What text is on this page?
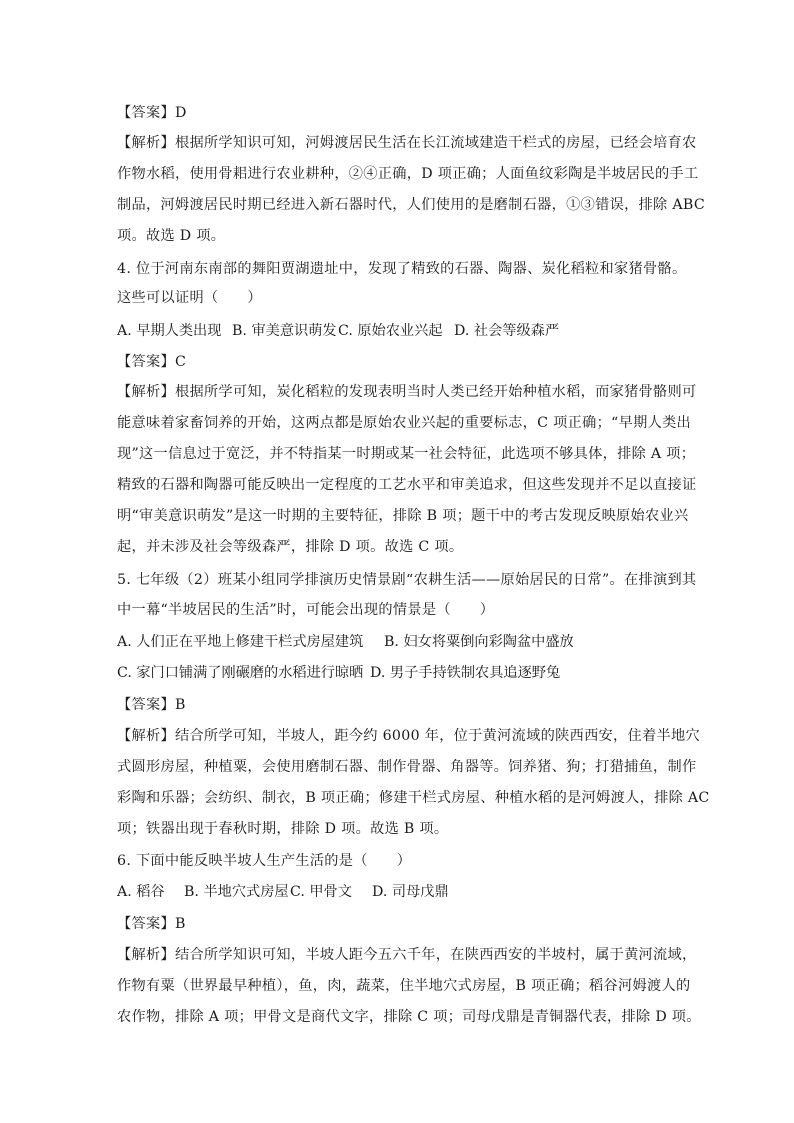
【答案】D
【解析】根据所学知识可知，河姆渡居民生活在长江流域建造干栏式的房屋，已经会培育农
作物水稻，使用骨耜进行农业耕种，②④正确，D 项正确；人面鱼纹彩陶是半坡居民的手工
制品，河姆渡居民时期已经进入新石器时代，人们使用的是磨制石器，①③错误，排除 ABC
项。故选 D 项。
4. 位于河南东南部的舞阳贾湖遗址中，发现了精致的石器、陶器、炭化稻粒和家猪骨骼。
这些可以证明（　　）
A. 早期人类出现 B. 审美意识萌发 C. 原始农业兴起 D. 社会等级森严
【答案】C
【解析】根据所学可知，炭化稻粒的发现表明当时人类已经开始种植水稻，而家猪骨骼则可
能意味着家畜饲养的开始，这两点都是原始农业兴起的重要标志，C 项正确；“早期人类出
现”这一信息过于宽泛，并不特指某一时期或某一社会特征，此选项不够具体，排除 A 项；
精致的石器和陶器可能反映出一定程度的工艺水平和审美追求，但这些发现并不足以直接证
明“审美意识萌发”是这一时期的主要特征，排除 B 项；题干中的考古发现反映原始农业兴
起，并未涉及社会等级森严，排除 D 项。故选 C 项。
5. 七年级（2）班某小组同学排演历史情景剧“农耕生活——原始居民的日常”。在排演到其
中一幕“半坡居民的生活”时，可能会出现的情景是（　　）
A. 人们正在平地上修建干栏式房屋建筑 B. 妇女将粟倒向彩陶盆中盛放
C. 家门口铺满了刚碾磨的水稻进行晾晒 D. 男子手持铁制农具追逐野兔
【答案】B
【解析】结合所学可知，半坡人，距今约 6000 年，位于黄河流域的陕西西安，住着半地穴
式圆形房屋，种植粟，会使用磨制石器、制作骨器、角器等。饲养猪、狗；打猎捕鱼，制作
彩陶和乐器；会纺织、制衣，B 项正确；修建干栏式房屋、种植水稻的是河姆渡人，排除 AC
项；铁器出现于春秋时期，排除 D 项。故选 B 项。
6. 下面中能反映半坡人生产生活的是（　　）
A. 稻谷 B. 半地穴式房屋 C. 甲骨文 D. 司母戊鼎
【答案】B
【解析】结合所学知识可知，半坡人距今五六千年，在陕西西安的半坡村，属于黄河流域，
作物有粟（世界最早种植），鱼，肉，蔬菜，住半地穴式房屋，B 项正确；稻谷河姆渡人的
农作物，排除 A 项；甲骨文是商代文字，排除 C 项；司母戊鼎是青铜器代表，排除 D 项。
